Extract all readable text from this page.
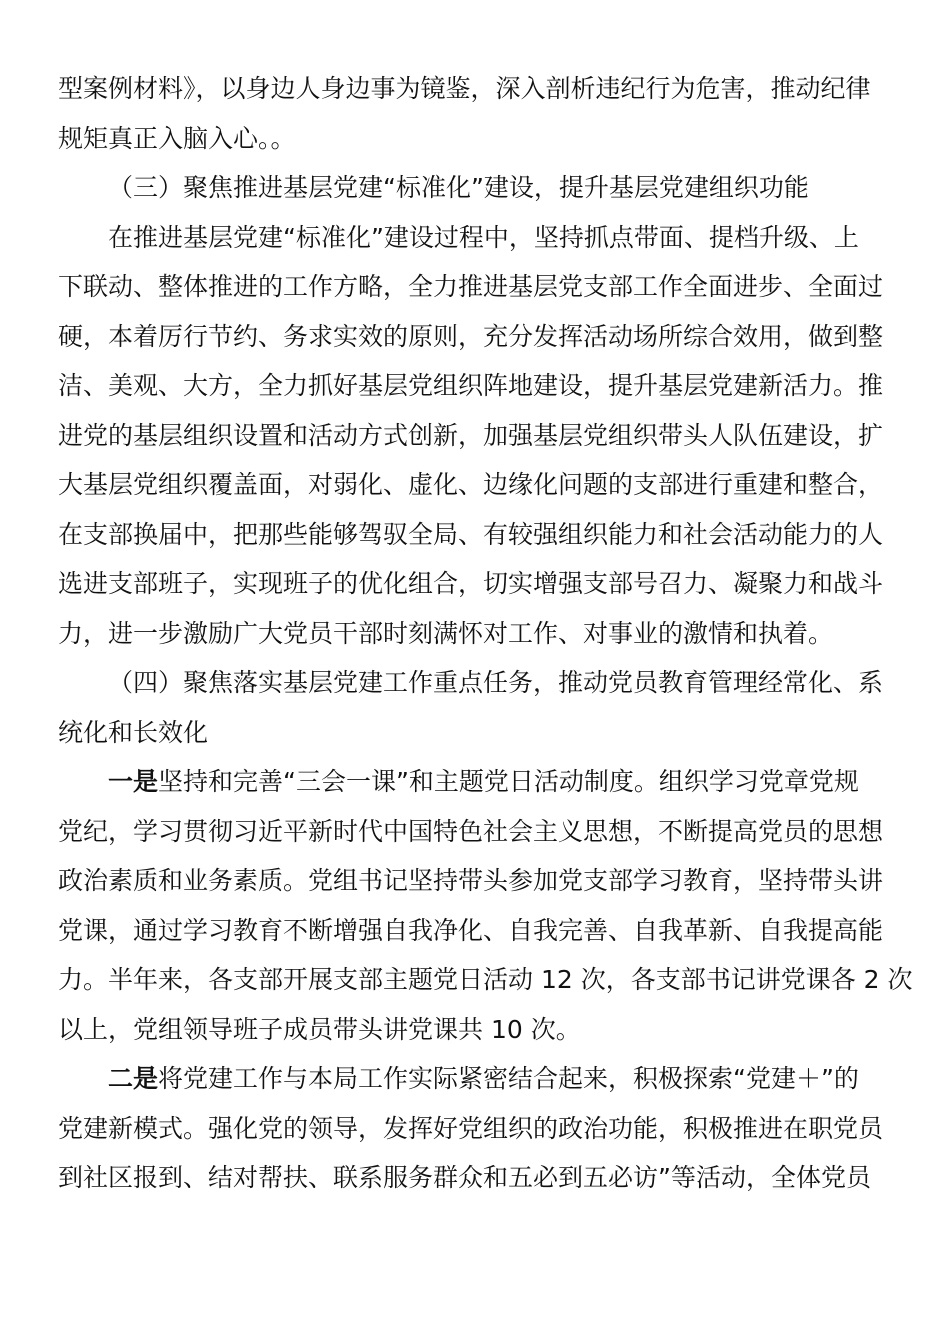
型案例材料》，以身边人身边事为镜鉴，深入剖析违纪行为危害，推动纪律
规矩真正入脑入心。。
（三）聚焦推进基层党建“标准化”建设，提升基层党建组织功能
在推进基层党建“标准化”建设过程中，坚持抓点带面、提档升级、上
下联动、整体推进的工作方略，全力推进基层党支部工作全面进步、全面过
硬，本着厉行节约、务求实效的原则，充分发挥活动场所综合效用，做到整
洁、美观、大方，全力抓好基层党组织阵地建设，提升基层党建新活力。推
进党的基层组织设置和活动方式创新，加强基层党组织带头人队伍建设，扩
大基层党组织覆盖面，对弱化、虚化、边缘化问题的支部进行重建和整合，
在支部换届中，把那些能够驾驭全局、有较强组织能力和社会活动能力的人
选进支部班子，实现班子的优化组合，切实增强支部号召力、凝聚力和战斗
力，进一步激励广大党员干部时刻满怀对工作、对事业的激情和执着。
（四）聚焦落实基层党建工作重点任务，推动党员教育管理经常化、系
统化和长效化
一是坚持和完善“三会一课”和主题党日活动制度。组织学习党章党规
党纪，学习贯彻习近平新时代中国特色社会主义思想，不断提高党员的思想
政治素质和业务素质。党组书记坚持带头参加党支部学习教育，坚持带头讲
党课，通过学习教育不断增强自我净化、自我完善、自我革新、自我提高能
力。半年来，各支部开展支部主题党日活动 12 次，各支部书记讲党课各 2 次
以上，党组领导班子成员带头讲党课共 10 次。
二是将党建工作与本局工作实际紧密结合起来，积极探索“党建＋”的
党建新模式。强化党的领导，发挥好党组织的政治功能，积极推进在职党员
到社区报到、结对帮扶、联系服务群众和五必到五必访”等活动，全体党员
